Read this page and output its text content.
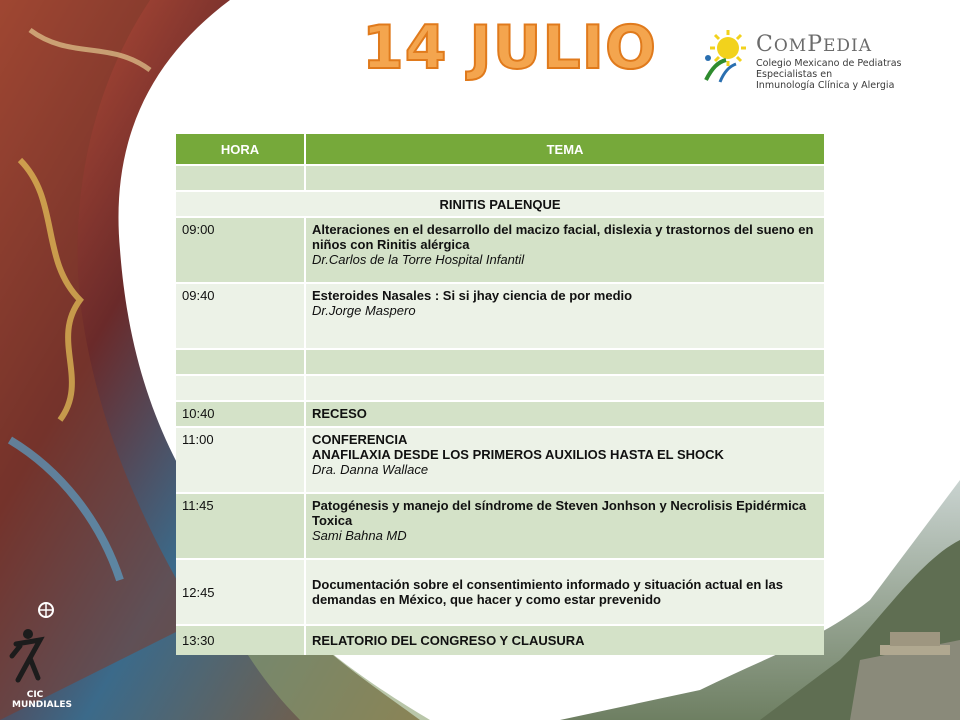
14 JULIO	COMPEDIA
Colegio Mexicano de Pediatras Especialistas en
Inmunología Clínica y Alergia
HORA	TEMA

RINITIS PALENQUE	
09:00	Alteraciones en el desarrollo del macizo facial, dislexia y trastornos del sueno en niños con Rinitis alérgica
Dr.Carlos de la Torre Hospital Infantil

09:40	Esteroides Nasales : Si si jhay ciencia de por medio
Dr.Jorge Maspero

10:40	RECESO

11:00	CONFERENCIA
ANAFILAXIA DESDE LOS PRIMEROS AUXILIOS HASTA EL SHOCK
Dra. Danna Wallace

11:45	Patogénesis y manejo del síndrome de Steven Jonhson y Necrolisis Epidérmica Toxica
Sami Bahna MD

12:45	Documentación sobre el consentimiento informado y situación actual en las demandas en México, que hacer y como estar prevenido

13:30	RELATORIO DEL CONGRESO Y CLAUSURA
CIC
MUNDIALES
